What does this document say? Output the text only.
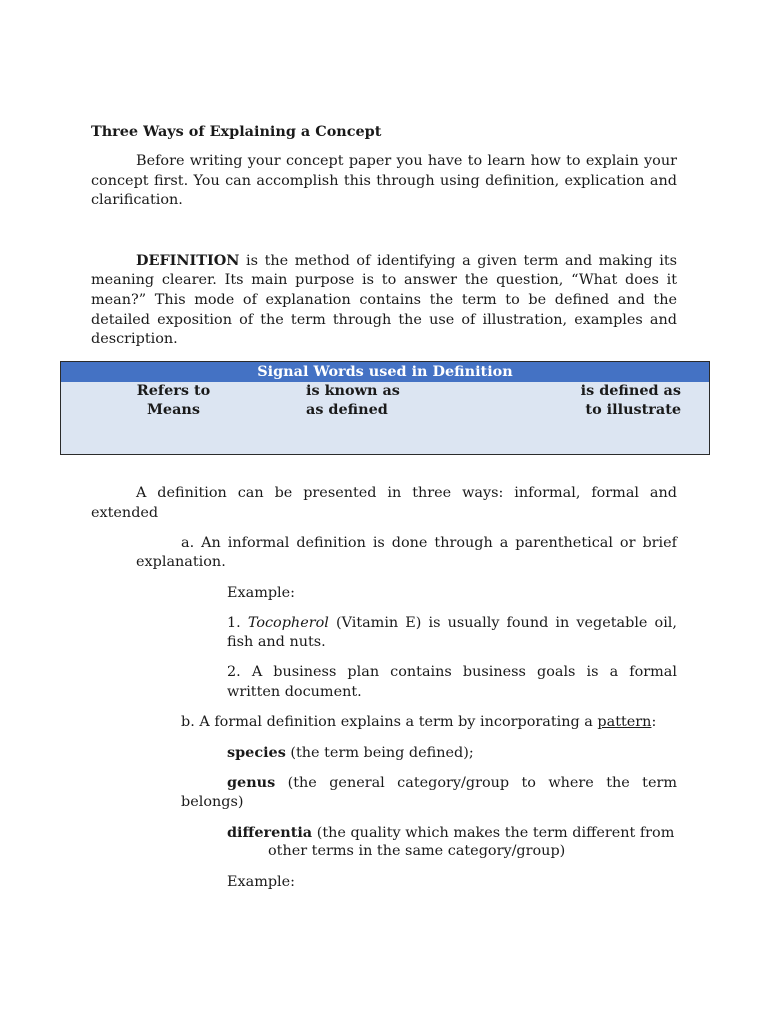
Three Ways of Explaining a Concept
Before writing your concept paper you have to learn how to explain your
concept first. You can accomplish this through using definition, explication and
clarification.
DEFINITION is the method of identifying a given term and making its
meaning clearer. Its main purpose is to answer the question, “What does it
mean?” This mode of explanation contains the term to be defined and the
detailed exposition of the term through the use of illustration, examples and
description.
Signal Words used in Definition
Refers to
Means
is known as
as defined
is defined as
to illustrate
A definition can be presented in three ways: informal, formal and
extended
a. An informal definition is done through a parenthetical or brief
explanation.
Example:
1. Tocopherol (Vitamin E) is usually found in vegetable oil,
fish and nuts.
2. A business plan contains business goals is a formal
written document.
b. A formal definition explains a term by incorporating a pattern:
species (the term being defined);
genus (the general category/group to where the term
belongs)
differentia (the quality which makes the term different from
other terms in the same category/group)
Example:
